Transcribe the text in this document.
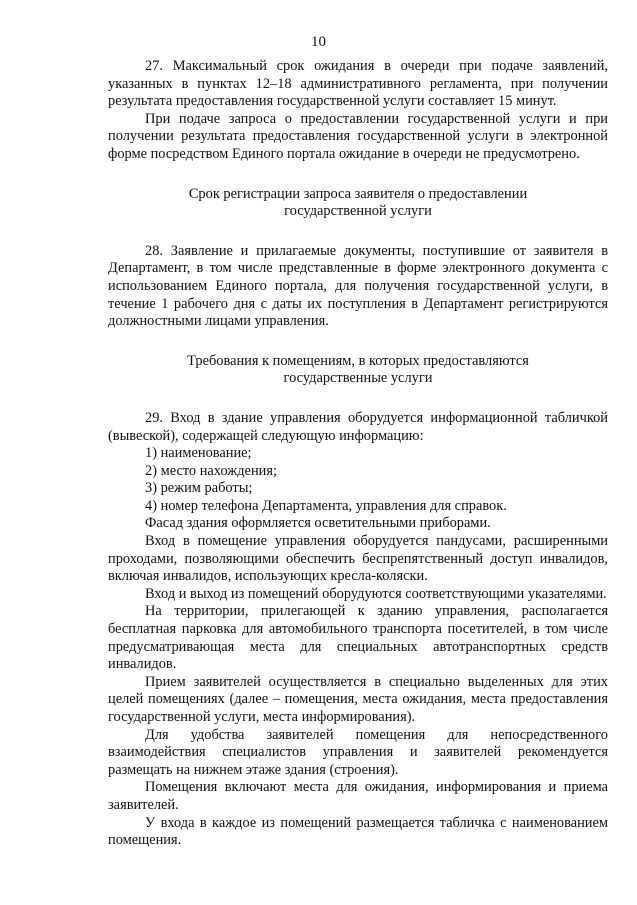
10

27. Максимальный срок ожидания в очереди при подаче заявлений, указанных в пунктах 12–18 административного регламента, при получении результата предоставления государственной услуги составляет 15 минут.

При подаче запроса о предоставлении государственной услуги и при получении результата предоставления государственной услуги в электронной форме посредством Единого портала ожидание в очереди не предусмотрено.

Срок регистрации запроса заявителя о предоставлении
государственной услуги

28. Заявление и прилагаемые документы, поступившие от заявителя в Департамент, в том числе представленные в форме электронного документа с использованием Единого портала, для получения государственной услуги, в течение 1 рабочего дня с даты их поступления в Департамент регистрируются должностными лицами управления.

Требования к помещениям, в которых предоставляются
государственные услуги

29. Вход в здание управления оборудуется информационной табличкой (вывеской), содержащей следующую информацию:

1) наименование;

2) место нахождения;

3) режим работы;

4) номер телефона Департамента, управления для справок.

Фасад здания оформляется осветительными приборами.

Вход в помещение управления оборудуется пандусами, расширенными проходами, позволяющими обеспечить беспрепятственный доступ инвалидов, включая инвалидов, использующих кресла-коляски.

Вход и выход из помещений оборудуются соответствующими указателями.

На территории, прилегающей к зданию управления, располагается бесплатная парковка для автомобильного транспорта посетителей, в том числе предусматривающая места для специальных автотранспортных средств инвалидов.

Прием заявителей осуществляется в специально выделенных для этих целей помещениях (далее – помещения, места ожидания, места предоставления государственной услуги, места информирования).

Для удобства заявителей помещения для непосредственного взаимодействия специалистов управления и заявителей рекомендуется размещать на нижнем этаже здания (строения).

Помещения включают места для ожидания, информирования и приема заявителей.

У входа в каждое из помещений размещается табличка с наименованием помещения.
